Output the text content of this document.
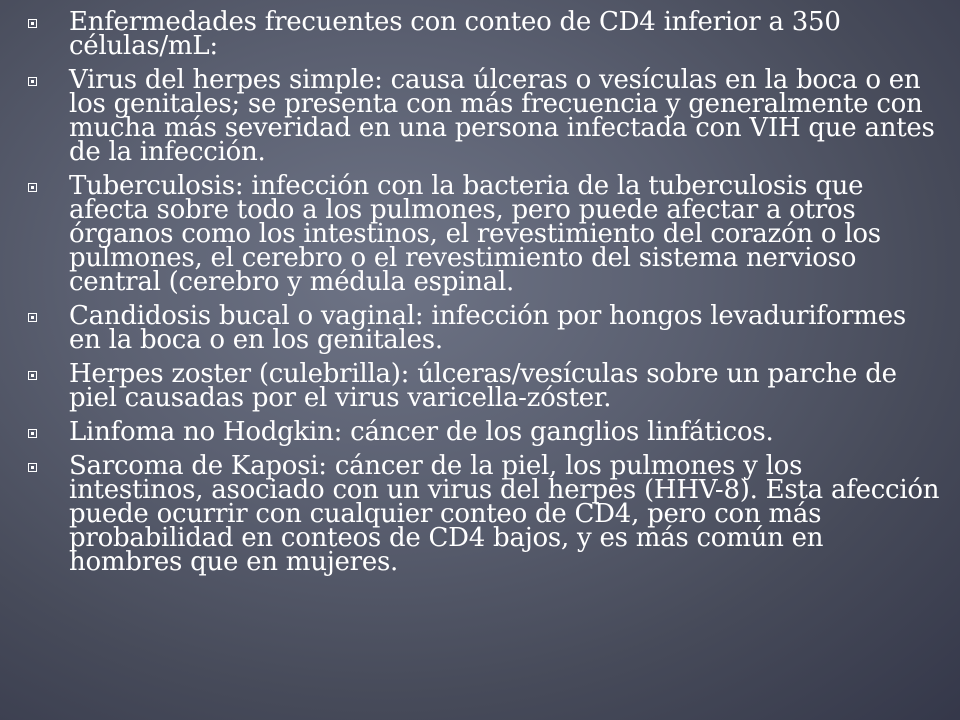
Enfermedades frecuentes con conteo de CD4 inferior a 350 células/mL:
Virus del herpes simple: causa úlceras o vesículas en la boca o en los genitales; se presenta con más frecuencia y generalmente con mucha más severidad en una persona infectada con VIH que antes de la infección.
Tuberculosis: infección con la bacteria de la tuberculosis que afecta sobre todo a los pulmones, pero puede afectar a otros órganos como los intestinos, el revestimiento del corazón o los pulmones, el cerebro o el revestimiento del sistema nervioso central (cerebro y médula espinal.
Candidosis bucal o vaginal: infección por hongos levaduriformes en la boca o en los genitales.
Herpes zoster (culebrilla): úlceras/vesículas sobre un parche de piel causadas por el virus varicella-zóster.
Linfoma no Hodgkin: cáncer de los ganglios linfáticos.
Sarcoma de Kaposi: cáncer de la piel, los pulmones y los intestinos, asociado con un virus del herpes (HHV-8). Esta afección puede ocurrir con cualquier conteo de CD4, pero con más probabilidad en conteos de CD4 bajos, y es más común en hombres que en mujeres.
